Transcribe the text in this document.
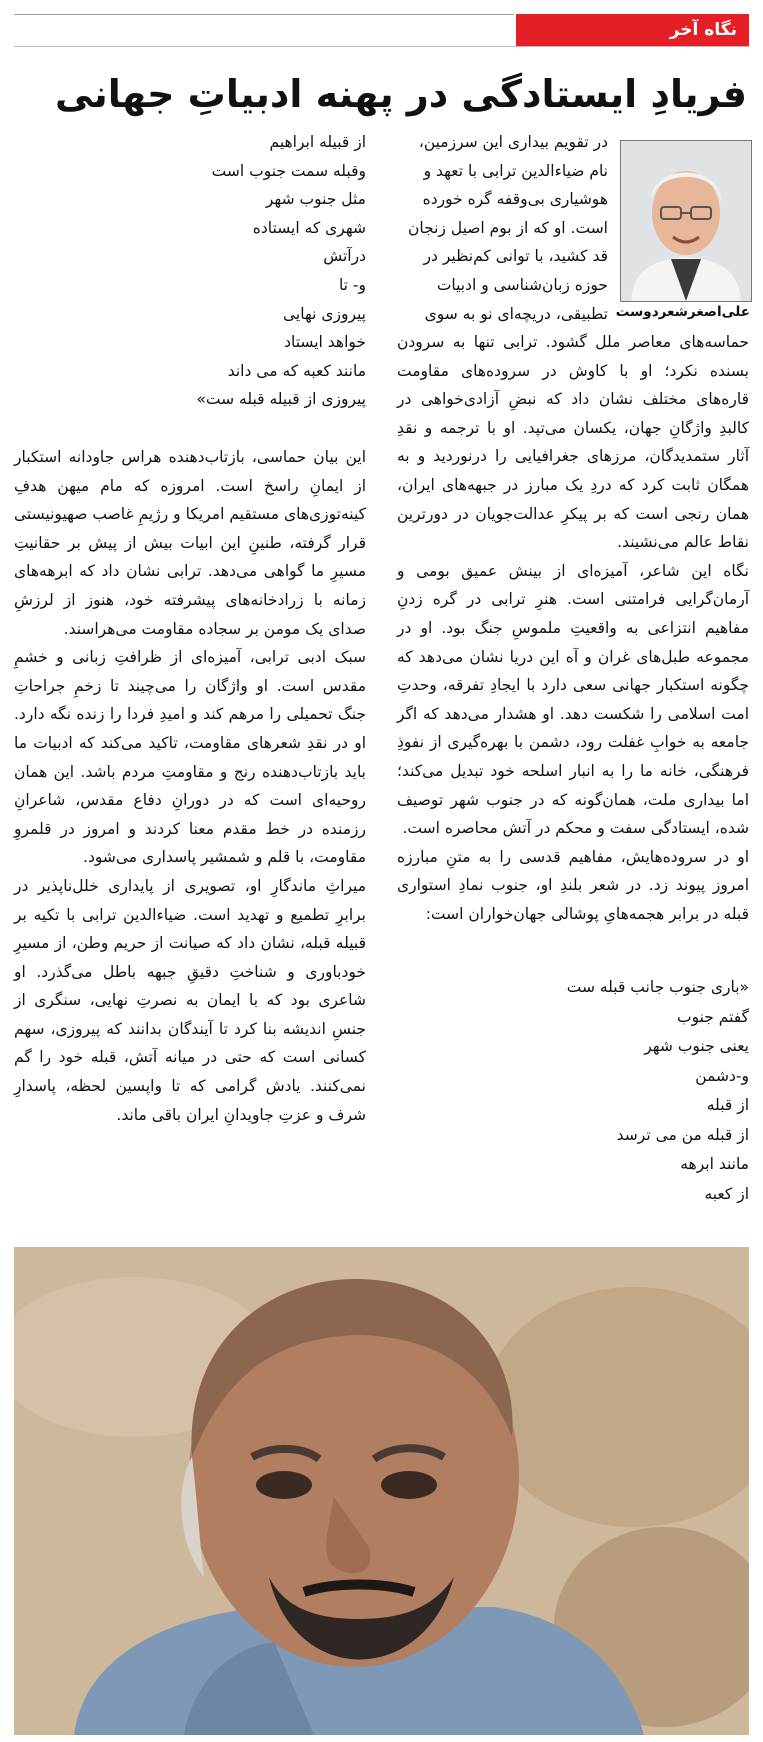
نگاه آخر
فریادِ ایستادگی در پهنه ادبیاتِ جهانی
علی‌اصغرشعردوست
در تقویم بیداری این سرزمین،
نام ضیاءالدین ترابی با تعهد و
هوشیاری بی‌وقفه گره خورده
است. او که از بوم اصیل زنجان
قد کشید، با توانی کم‌نظیر در
حوزه زبان‌شناسی و ادبیات
تطبیقی، دریچه‌ای نو به سوی

حماسه‌های معاصر ملل گشود. ترابی تنها به سرودن بسنده نکرد؛ او با کاوش در سروده‌های مقاومت قاره‌های مختلف نشان داد که نبضِ آزادی‌خواهی در کالبدِ واژگانِ جهان، یکسان می‌تپد. او با ترجمه و نقدِ آثار ستمدیدگان، مرزهای جغرافیایی را درنوردید و به همگان ثابت کرد که دردِ یک مبارز در جبهه‌های ایران، همان رنجی است که بر پیکرِ عدالت‌جویان در دورترین نقاط عالم می‌نشیند.

نگاه این شاعر، آمیزه‌ای از بینش عمیق بومی و آرمان‌گرایی فرامتنی است. هنرِ ترابی در گره زدنِ مفاهیم انتزاعی به واقعیتِ ملموسِ جنگ بود. او در مجموعه طبل‌های غران و آه این دریا نشان می‌دهد که چگونه استکبار جهانی سعی دارد با ایجادِ تفرقه، وحدتِ امت اسلامی را شکست دهد. او هشدار می‌دهد که اگر جامعه به خوابِ غفلت رود، دشمن با بهره‌گیری از نفوذِ فرهنگی، خانه ما را به انبار اسلحه خود تبدیل می‌کند؛ اما بیداری ملت، همان‌گونه که در جنوب شهر توصیف شده، ایستادگی سفت و محکم در آتش محاصره است.

او در سروده‌هایش، مفاهیم قدسی را به متنِ مبارزه امروز پیوند زد. در شعر بلندِ او، جنوب نمادِ استواری قبله در برابر هجمه‌هایِ پوشالی جهان‌خواران است:

«باری جنوب جانب قبله ست
گفتم جنوب
یعنی جنوب شهر
و-دشمن
از قبله
از قبله من می ترسد
مانند ابرهه
از کعبه
از قبیله ابراهیم
وقبله سمت جنوب است
مثل جنوب شهر
شهری که ایستاده
درآتش
و- تا
پیروزی نهایی
خواهد ایستاد
مانند کعبه که می داند
پیروزی از قبیله قبله ست»

این بیان حماسی، بازتاب‌دهنده هراس جاودانه استکبار از ایمانِ راسخ است. امروزه که مام میهن هدفِ کینه‌توزی‌های مستقیم امریکا و رژیمِ غاصب صهیونیستی قرار گرفته، طنینِ این ابیات بیش از پیش بر حقانیتِ مسیرِ ما گواهی می‌دهد. ترابی نشان داد که ابرهه‌های زمانه با زرادخانه‌های پیشرفته خود، هنوز از لرزشِ صدای یک مومن بر سجاده مقاومت می‌هراسند.

سبک ادبی ترابی، آمیزه‌ای از ظرافتِ زبانی و خشمِ مقدس است. او واژگان را می‌چیند تا زخمِ جراحاتِ جنگ تحمیلی را مرهم کند و امیدِ فردا را زنده نگه دارد. او در نقدِ شعرهای مقاومت، تاکید می‌کند که ادبیات ما باید بازتاب‌دهنده رنج و مقاومتِ مردم باشد. این همان روحیه‌ای است که در دورانِ دفاع مقدس، شاعرانِ رزمنده در خط مقدم معنا کردند و امروز در قلمروِ مقاومت، با قلم و شمشیر پاسداری می‌شود.

میراثِ ماندگارِ او، تصویری از پایداری خلل‌ناپذیر در برابرِ تطمیع و تهدید است. ضیاءالدین ترابی با تکیه بر قبیله قبله، نشان داد که صیانت از حریم وطن، از مسیرِ خودباوری و شناختِ دقیقِ جبهه باطل می‌گذرد. او شاعری بود که با ایمان به نصرتِ نهایی، سنگری از جنسِ اندیشه بنا کرد تا آیندگان بدانند که پیروزی، سهم کسانی است که حتی در میانه آتش، قبله خود را گم نمی‌کنند. یادش گرامی که تا واپسین لحظه، پاسدارِ شرف و عزتِ جاویدانِ ایران باقی ماند.
